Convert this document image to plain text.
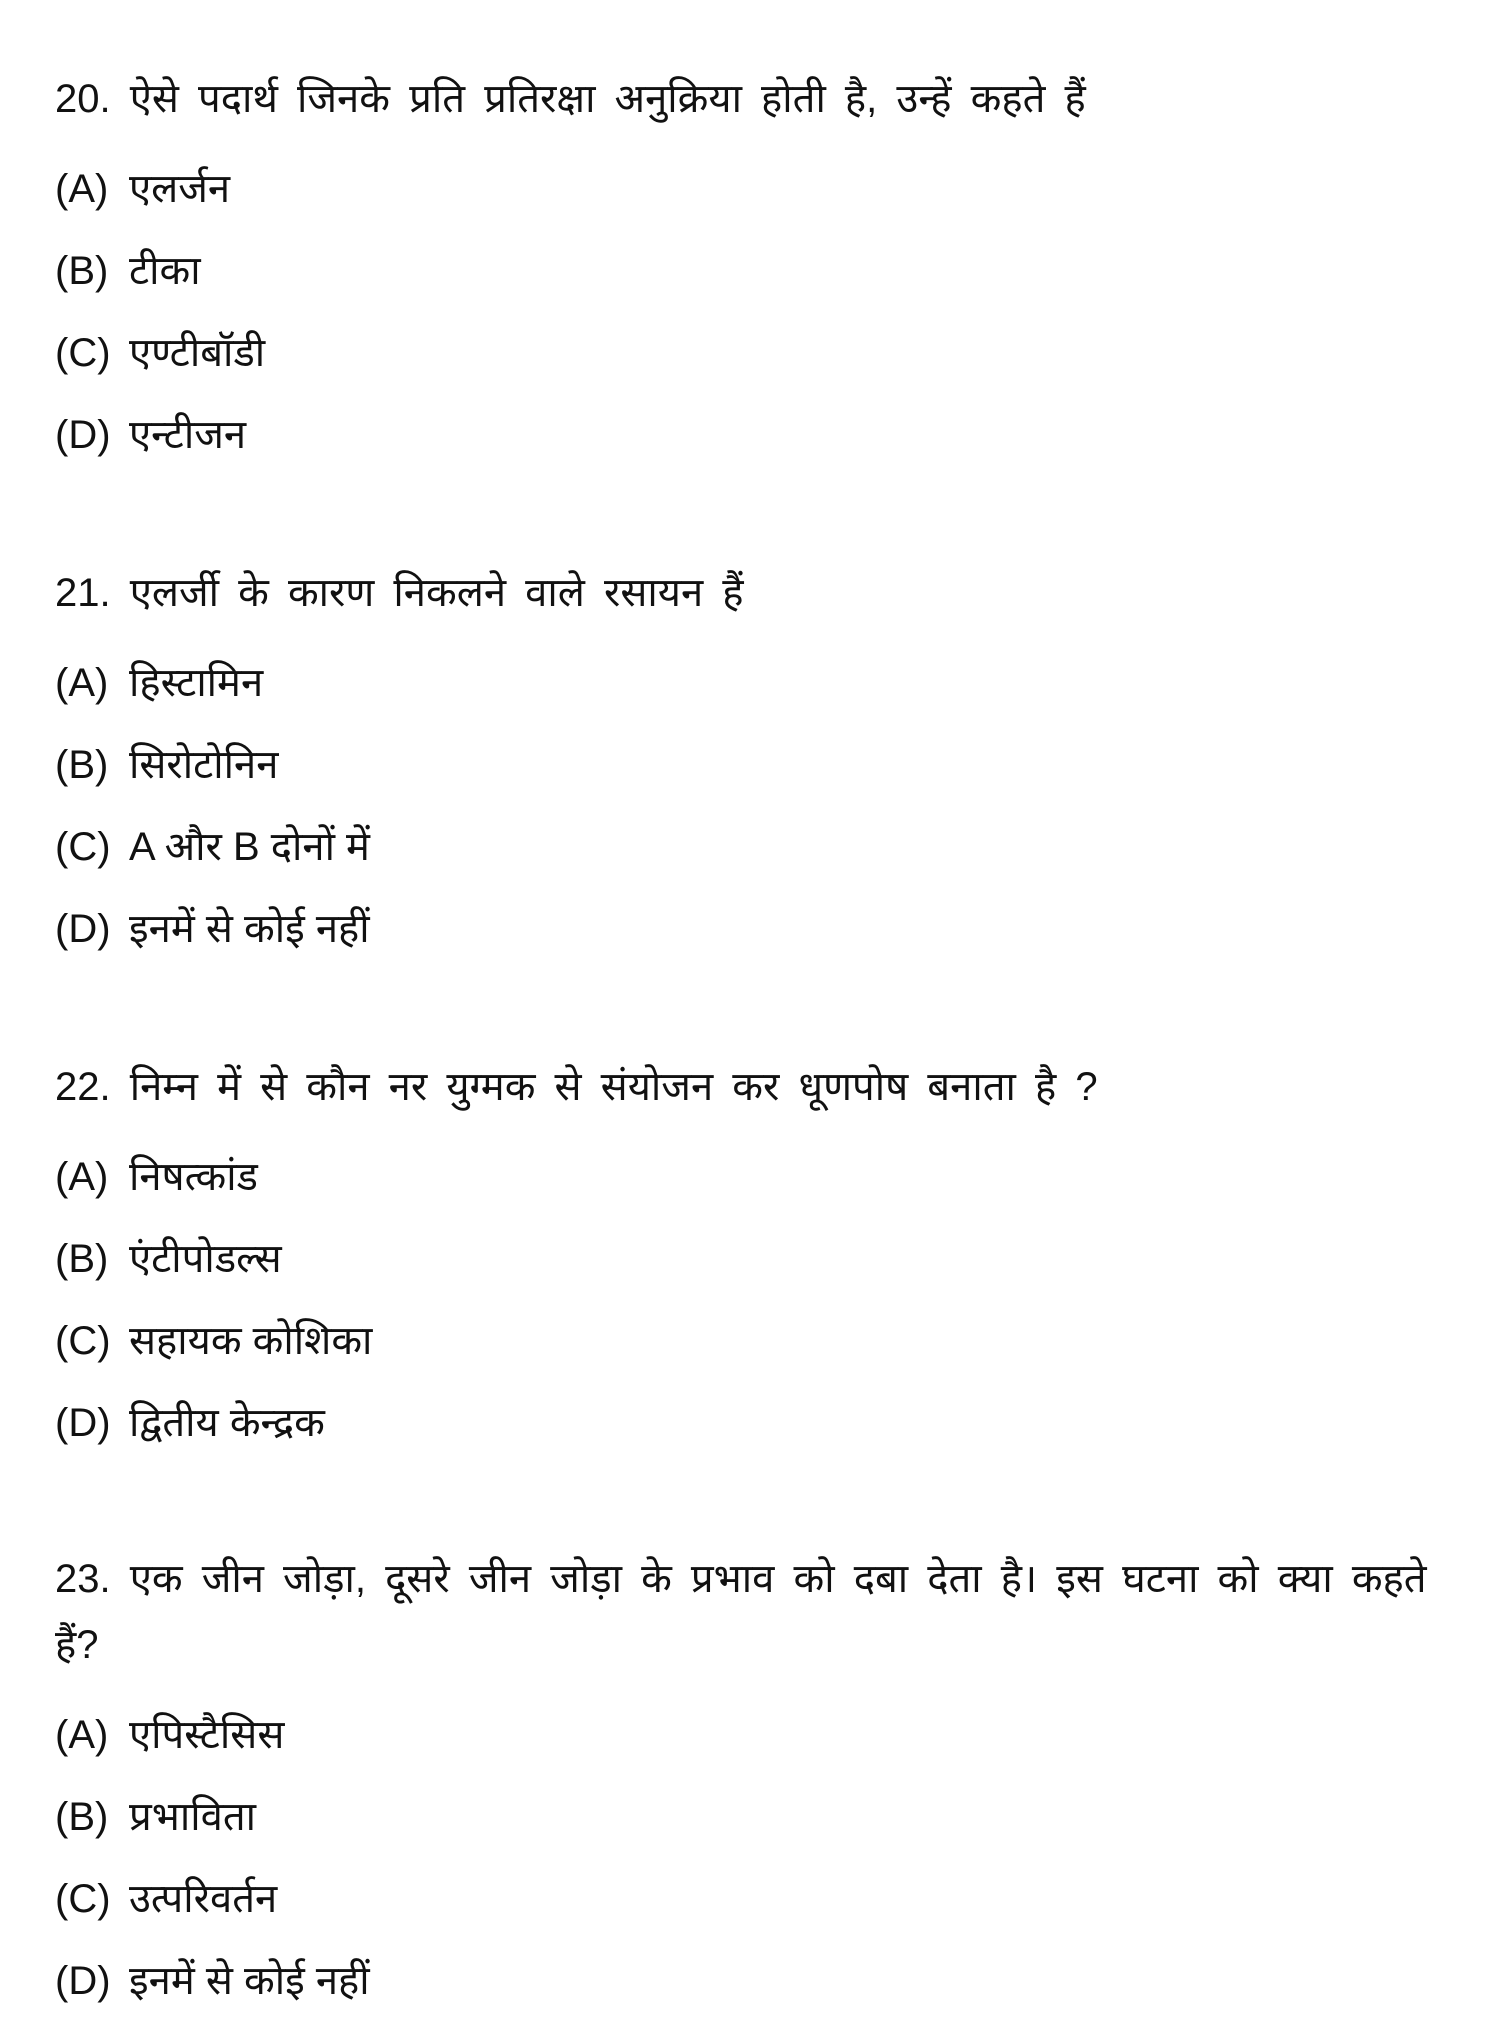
20. ऐसे पदार्थ जिनके प्रति प्रतिरक्षा अनुक्रिया होती है, उन्हें कहते हैं

(A) एलर्जन
(B) टीका
(C) एण्टीबॉडी
(D) एन्टीजन

21. एलर्जी के कारण निकलने वाले रसायन हैं

(A) हिस्टामिन
(B) सिरोटोनिन
(C) A और B दोनों में
(D) इनमें से कोई नहीं

22. निम्न में से कौन नर युग्मक से संयोजन कर धूणपोष बनाता है ?

(A) निषत्कांड
(B) एंटीपोडल्स
(C) सहायक कोशिका
(D) द्वितीय केन्द्रक

23. एक जीन जोड़ा, दूसरे जीन जोड़ा के प्रभाव को दबा देता है। इस घटना को क्या कहते हैं?

(A) एपिस्टैसिस
(B) प्रभाविता
(C) उत्परिवर्तन
(D) इनमें से कोई नहीं
